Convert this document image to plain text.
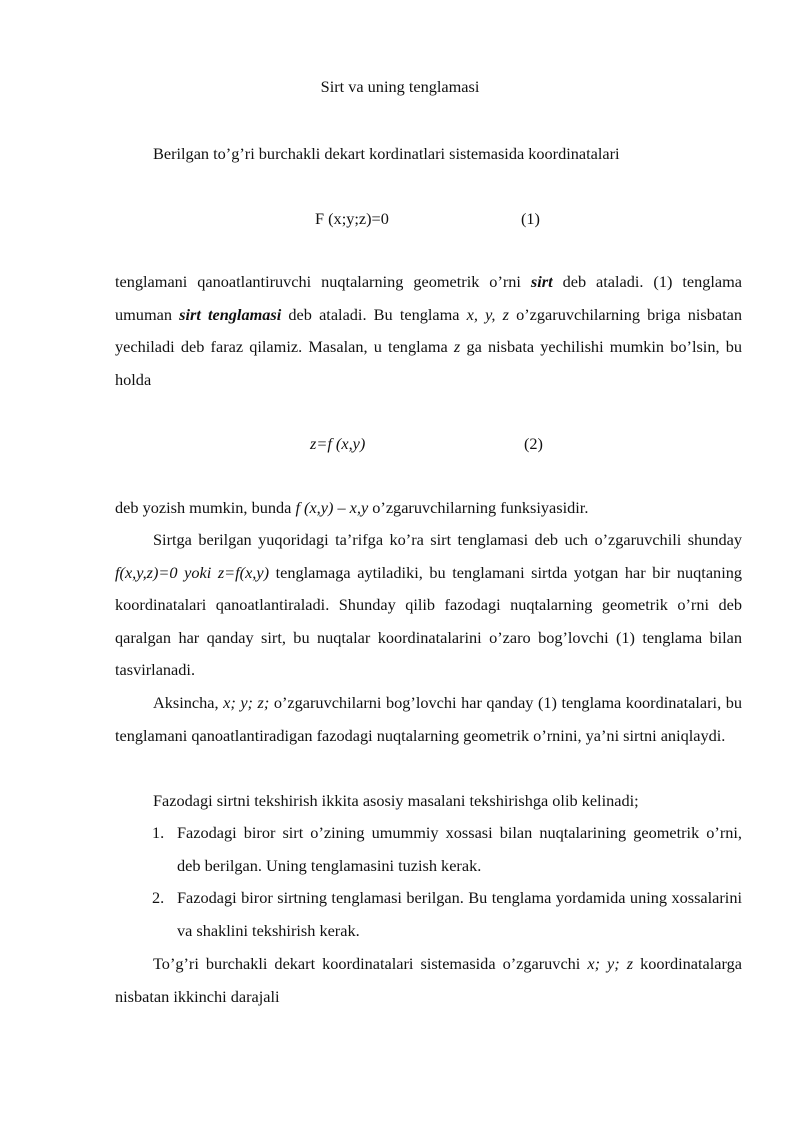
Sirt va uning tenglamasi
Berilgan to’g’ri burchakli dekart kordinatlari sistemasida koordinatalari
F (x;y;z)=0	(1)
tenglamani qanoatlantiruvchi nuqtalarning geometrik o’rni sirt deb ataladi. (1) tenglama umuman sirt tenglamasi deb ataladi. Bu tenglama x, y, z o’zgaruvchilarning briga nisbatan yechiladi deb faraz qilamiz. Masalan, u tenglama z ga nisbata yechilishi mumkin bo’lsin, bu holda
z=f (x,y)	(2)
deb yozish mumkin, bunda f (x,y) – x,y o’zgaruvchilarning funksiyasidir.
Sirtga berilgan yuqoridagi ta’rifga ko’ra sirt tenglamasi deb uch o’zgaruvchili shunday f(x,y,z)=0 yoki z=f(x,y) tenglamaga aytiladiki, bu tenglamani sirtda yotgan har bir nuqtaning koordinatalari qanoatlantiraladi. Shunday qilib fazodagi nuqtalarning geometrik o’rni deb qaralgan har qanday sirt, bu nuqtalar koordinatalarini o’zaro bog’lovchi (1) tenglama bilan tasvirlanadi.
Aksincha, x; y; z; o’zgaruvchilarni bog’lovchi har qanday (1) tenglama koordinatalari, bu tenglamani qanoatlantiradigan fazodagi nuqtalarning geometrik o’rnini, ya’ni sirtni aniqlaydi.
Fazodagi sirtni tekshirish ikkita asosiy masalani tekshirishga olib kelinadi;
1. Fazodagi biror sirt o’zining umummiy xossasi bilan nuqtalarining geometrik o’rni, deb berilgan. Uning tenglamasini tuzish kerak.
2. Fazodagi biror sirtning tenglamasi berilgan. Bu tenglama yordamida uning xossalarini va shaklini tekshirish kerak.
To’g’ri burchakli dekart koordinatalari sistemasida o’zgaruvchi x; y; z koordinatalarga nisbatan ikkinchi darajali
